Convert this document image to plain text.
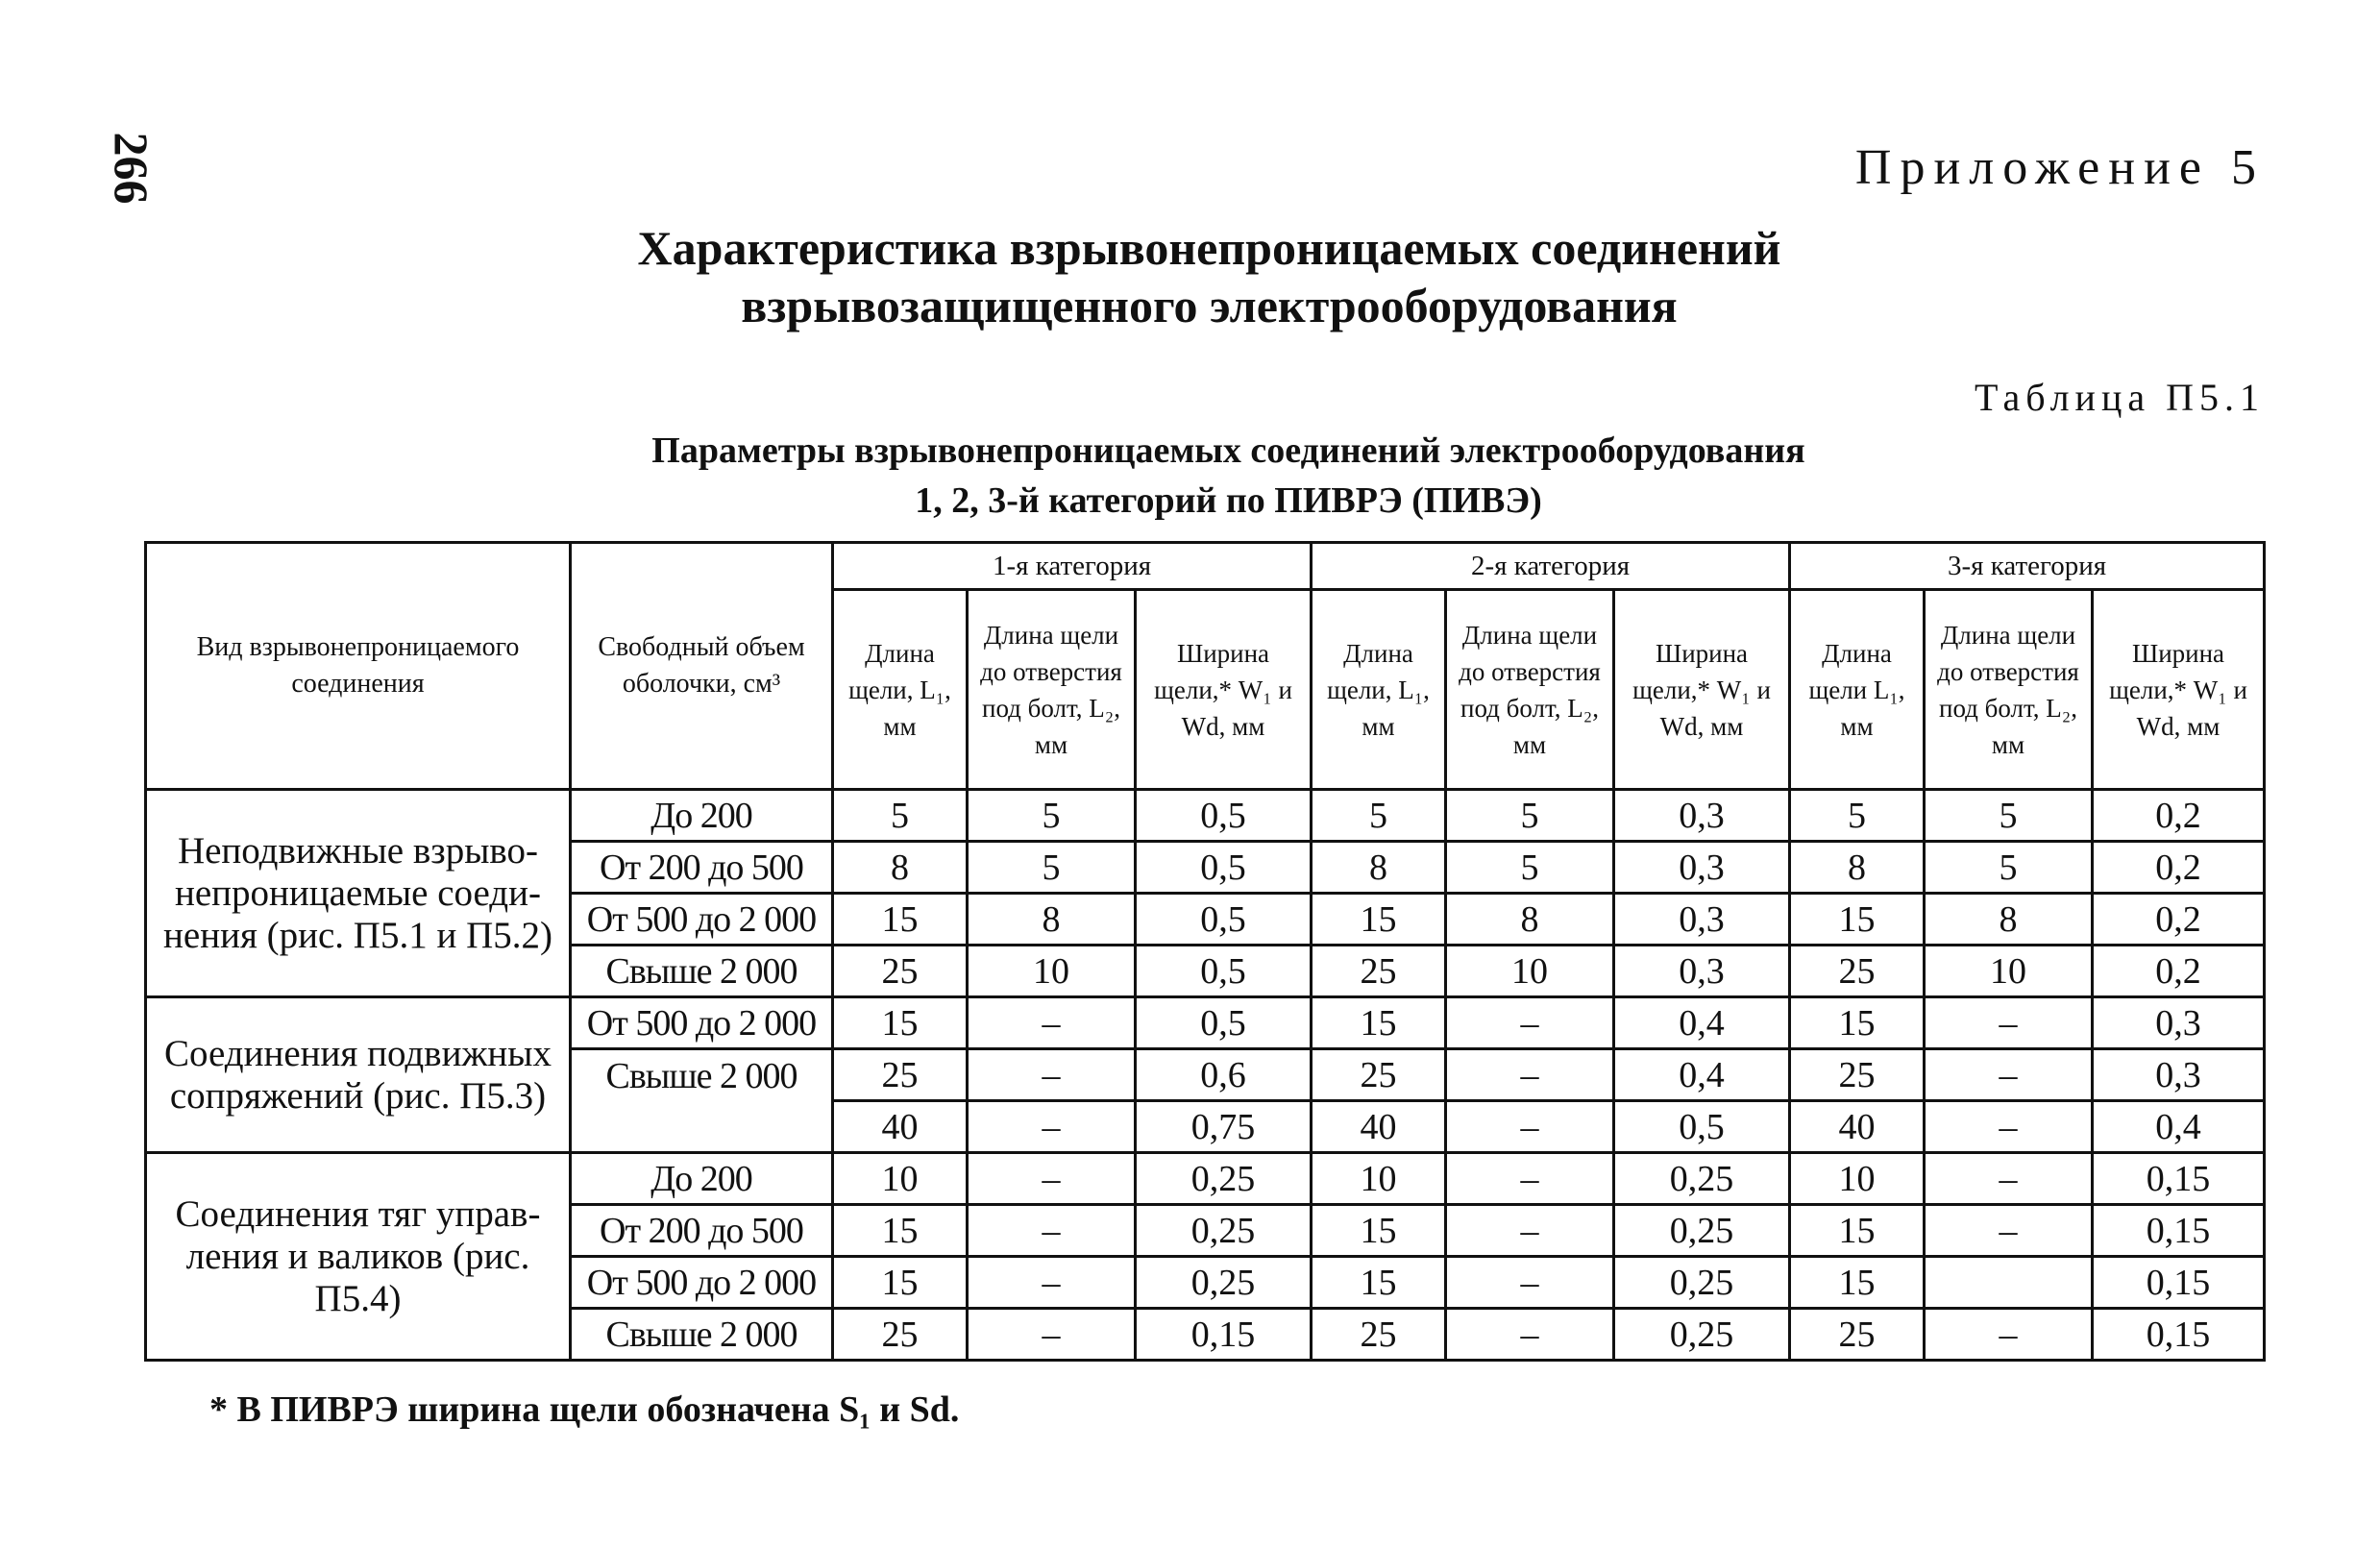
266	Приложение 5
Характеристика взрывонепроницаемых соединений
взрывозащищенного электрооборудования
Таблица П5.1
Параметры взрывонепроницаемых соединений электрооборудования
1, 2, 3-й категорий по ПИВРЭ (ПИВЭ)
Вид взрывонепроницаемого соединения	Свободный объем оболочки, см³	1-я категория			2-я категория			3-я категория		
		Длина щели, L₁, мм	Длина щели до отверстия под болт, L₂, мм	Ширина щели,* W₁ и Wd, мм	Длина щели, L₁, мм	Длина щели до отверстия под болт, L₂, мм	Ширина щели,* W₁ и Wd, мм	Длина щели L₁, мм	Длина щели до отверстия под болт, L₂, мм	Ширина щели,* W₁ и Wd, мм
Неподвижные взрывонепроницаемые соединения (рис. П5.1 и П5.2)	До 200	5	5	0,5	5	5	0,3	5	5	0,2
	От 200 до 500	8	5	0,5	8	5	0,3	8	5	0,2
	От 500 до 2 000	15	8	0,5	15	8	0,3	15	8	0,2
	Свыше 2 000	25	10	0,5	25	10	0,3	25	10	0,2
Соединения подвижных сопряжений (рис. П5.3)	От 500 до 2 000	15	–	0,5	15	–	0,4	15	–	0,3
	Свыше 2 000	25	–	0,6	25	–	0,4	25	–	0,3
		40	–	0,75	40	–	0,5	40	–	0,4
Соединения тяг управления и валиков (рис. П5.4)	До 200	10	–	0,25	10	–	0,25	10	–	0,15
	От 200 до 500	15	–	0,25	15	–	0,25	15	–	0,15
	От 500 до 2 000	15	–	0,25	15	–	0,25	15		0,15
	Свыше 2 000	25	–	0,15	25	–	0,25	25	–	0,15
* В ПИВРЭ ширина щели обозначена S₁ и Sd.
